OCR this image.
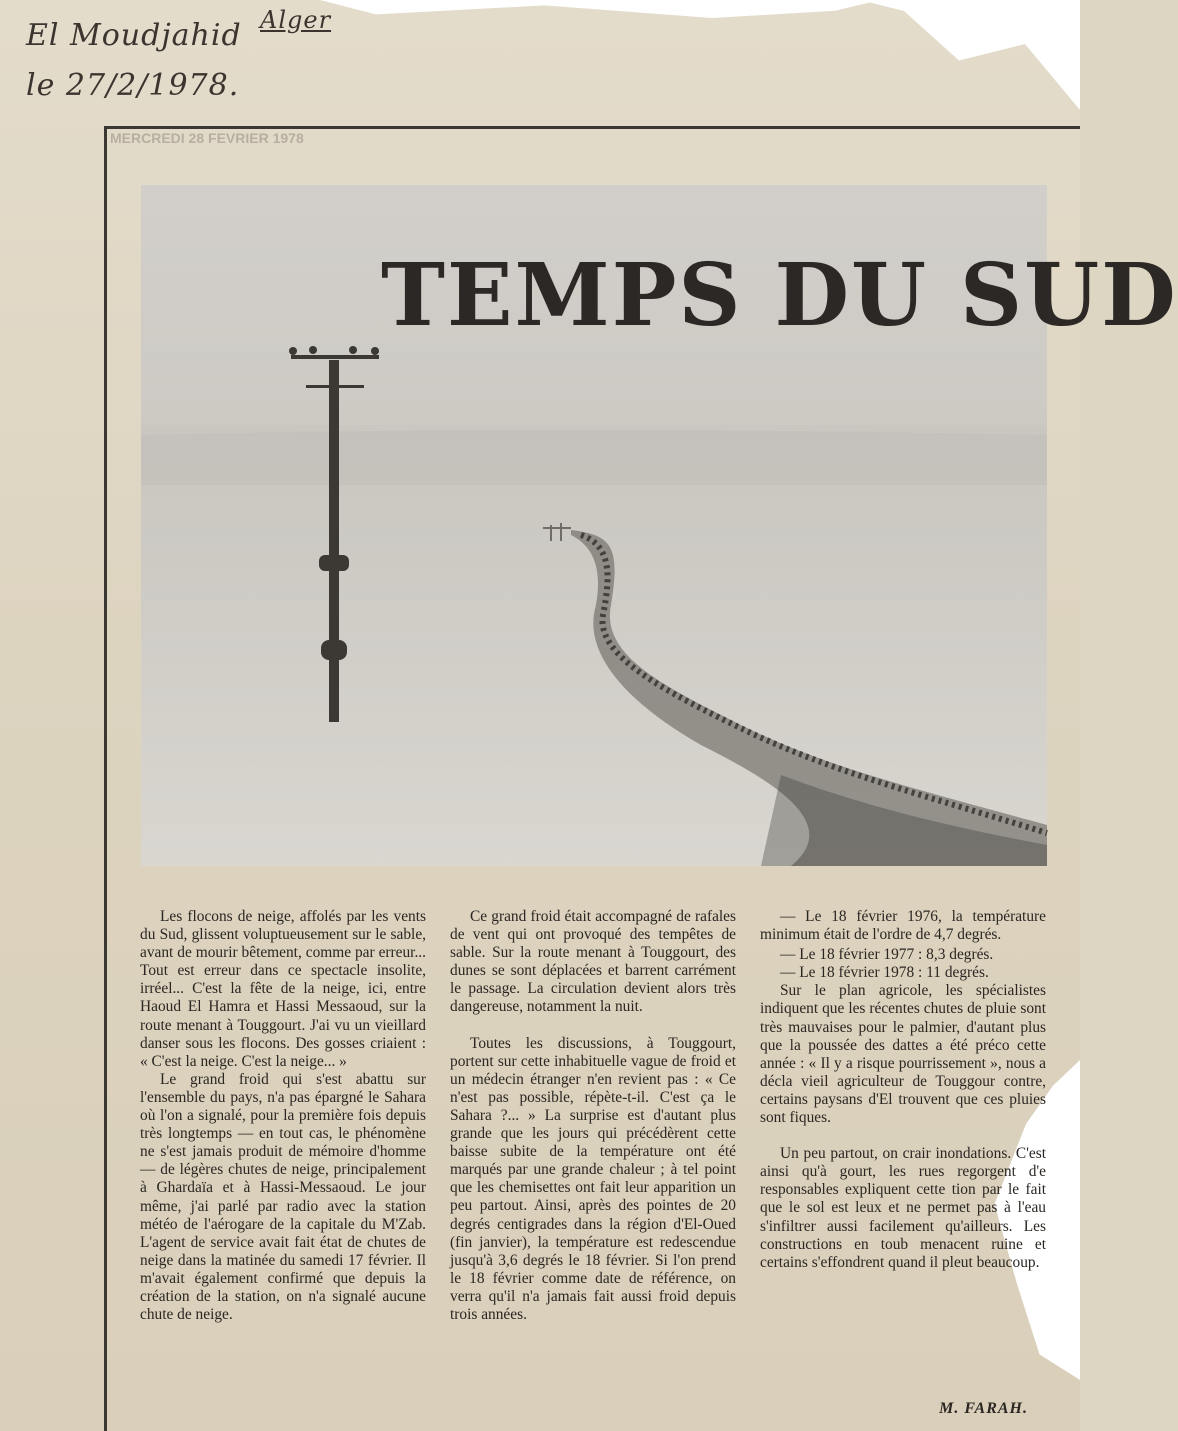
El Moudjahid Alger
le 27/2/1978.
MERCREDI 28 FEVRIER 1978
TEMPS DU SUD

Les flocons de neige, affolés par les vents du Sud, glissent voluptueusement sur le sable, avant de mourir bêtement, comme par erreur... Tout est erreur dans ce spectacle insolite, irréel... C'est la fête de la neige, ici, entre Haoud El Hamra et Hassi Messaoud, sur la route menant à Touggourt. J'ai vu un vieillard danser sous les flocons. Des gosses criaient : « C'est la neige. C'est la neige... »

Le grand froid qui s'est abattu sur l'ensemble du pays, n'a pas épargné le Sahara où l'on a signalé, pour la première fois depuis très longtemps — en tout cas, le phénomène ne s'est jamais produit de mémoire d'homme — de légères chutes de neige, principalement à Ghardaïa et à Hassi-Messaoud. Le jour même, j'ai parlé par radio avec la station météo de l'aérogare de la capitale du M'Zab. L'agent de service avait fait état de chutes de neige dans la matinée du samedi 17 février. Il m'avait également confirmé que depuis la création de la station, on n'a signalé aucune chute de neige.

Ce grand froid était accompagné de rafales de vent qui ont provoqué des tempêtes de sable. Sur la route menant à Touggourt, des dunes se sont déplacées et barrent carrément le passage. La circulation devient alors très dangereuse, notamment la nuit.

Toutes les discussions, à Touggourt, portent sur cette inhabituelle vague de froid et un médecin étranger n'en revient pas : « Ce n'est pas possible, répète-t-il. C'est ça le Sahara ?... » La surprise est d'autant plus grande que les jours qui précédèrent cette baisse subite de la température ont été marqués par une grande chaleur ; à tel point que les chemisettes ont fait leur apparition un peu partout. Ainsi, après des pointes de 20 degrés centigrades dans la région d'El-Oued (fin janvier), la température est redescendue jusqu'à 3,6 degrés le 18 février. Si l'on prend le 18 février comme date de référence, on verra qu'il n'a jamais fait aussi froid depuis trois années.

— Le 18 février 1976, la température minimum était de l'ordre de 4,7 degrés.

— Le 18 février 1977 : 8,3 degrés.

— Le 18 février 1978 : 11 degrés.

Sur le plan agricole, les spécialistes indiquent que les récentes chutes de pluie sont très mauvaises pour le palmier, d'autant plus que la poussée des dattes a été préco cette année : « Il y a risque pourrissement », nous a décla vieil agriculteur de Touggour contre, certains paysans d'El trouvent que ces pluies sont fiques.

Un peu partout, on crair inondations. C'est ainsi qu'à gourt, les rues regorgent d'e responsables expliquent cette tion par le fait que le sol est leux et ne permet pas à l'eau s'infiltrer aussi facilement qu'ailleurs. Les constructions en toub menacent ruine et certains s'effondrent quand il pleut beaucoup.

M. FARAH.
